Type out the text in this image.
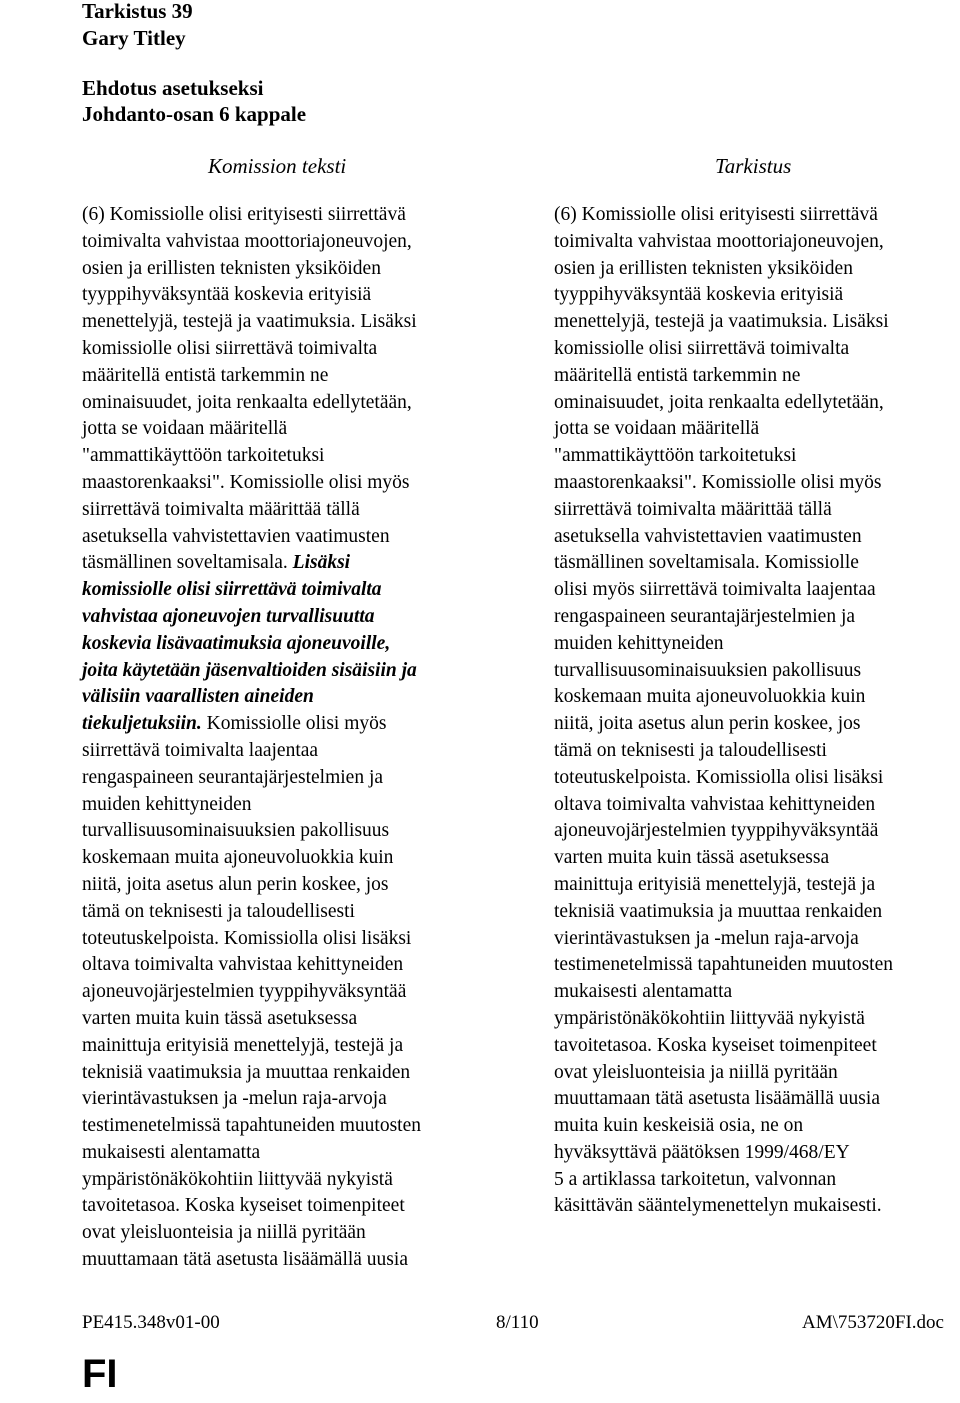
Tarkistus 39
Gary Titley
Ehdotus asetukseksi
Johdanto-osan 6 kappale
Komission teksti	Tarkistus
(6) Komissiolle olisi erityisesti siirrettävä
toimivalta vahvistaa moottoriajoneuvojen,
osien ja erillisten teknisten yksiköiden
tyyppihyväksyntää koskevia erityisiä
menettelyjä, testejä ja vaatimuksia. Lisäksi
komissiolle olisi siirrettävä toimivalta
määritellä entistä tarkemmin ne
ominaisuudet, joita renkaalta edellytetään,
jotta se voidaan määritellä
"ammattikäyttöön tarkoitetuksi
maastorenkaaksi". Komissiolle olisi myös
siirrettävä toimivalta määrittää tällä
asetuksella vahvistettavien vaatimusten
täsmällinen soveltamisala. Lisäksi
komissiolle olisi siirrettävä toimivalta
vahvistaa ajoneuvojen turvallisuutta
koskevia lisävaatimuksia ajoneuvoille,
joita käytetään jäsenvaltioiden sisäisiin ja
välisiin vaarallisten aineiden
tiekuljetuksiin. Komissiolle olisi myös
siirrettävä toimivalta laajentaa
rengaspaineen seurantajärjestelmien ja
muiden kehittyneiden
turvallisuusominaisuuksien pakollisuus
koskemaan muita ajoneuvoluokkia kuin
niitä, joita asetus alun perin koskee, jos
tämä on teknisesti ja taloudellisesti
toteutuskelpoista. Komissiolla olisi lisäksi
oltava toimivalta vahvistaa kehittyneiden
ajoneuvojärjestelmien tyyppihyväksyntää
varten muita kuin tässä asetuksessa
mainittuja erityisiä menettelyjä, testejä ja
teknisiä vaatimuksia ja muuttaa renkaiden
vierintävastuksen ja -melun raja-arvoja
testimenetelmissä tapahtuneiden muutosten
mukaisesti alentamatta
ympäristönäkökohtiin liittyvää nykyistä
tavoitetasoa. Koska kyseiset toimenpiteet
ovat yleisluonteisia ja niillä pyritään
muuttamaan tätä asetusta lisäämällä uusia
(6) Komissiolle olisi erityisesti siirrettävä
toimivalta vahvistaa moottoriajoneuvojen,
osien ja erillisten teknisten yksiköiden
tyyppihyväksyntää koskevia erityisiä
menettelyjä, testejä ja vaatimuksia. Lisäksi
komissiolle olisi siirrettävä toimivalta
määritellä entistä tarkemmin ne
ominaisuudet, joita renkaalta edellytetään,
jotta se voidaan määritellä
"ammattikäyttöön tarkoitetuksi
maastorenkaaksi". Komissiolle olisi myös
siirrettävä toimivalta määrittää tällä
asetuksella vahvistettavien vaatimusten
täsmällinen soveltamisala. Komissiolle
olisi myös siirrettävä toimivalta laajentaa
rengaspaineen seurantajärjestelmien ja
muiden kehittyneiden
turvallisuusominaisuuksien pakollisuus
koskemaan muita ajoneuvoluokkia kuin
niitä, joita asetus alun perin koskee, jos
tämä on teknisesti ja taloudellisesti
toteutuskelpoista. Komissiolla olisi lisäksi
oltava toimivalta vahvistaa kehittyneiden
ajoneuvojärjestelmien tyyppihyväksyntää
varten muita kuin tässä asetuksessa
mainittuja erityisiä menettelyjä, testejä ja
teknisiä vaatimuksia ja muuttaa renkaiden
vierintävastuksen ja -melun raja-arvoja
testimenetelmissä tapahtuneiden muutosten
mukaisesti alentamatta
ympäristönäkökohtiin liittyvää nykyistä
tavoitetasoa. Koska kyseiset toimenpiteet
ovat yleisluonteisia ja niillä pyritään
muuttamaan tätä asetusta lisäämällä uusia
muita kuin keskeisiä osia, ne on
hyväksyttävä päätöksen 1999/468/EY
5 a artiklassa tarkoitetun, valvonnan
käsittävän sääntelymenettelyn mukaisesti.
PE415.348v01-00	8/110	AM\753720FI.doc
FI
